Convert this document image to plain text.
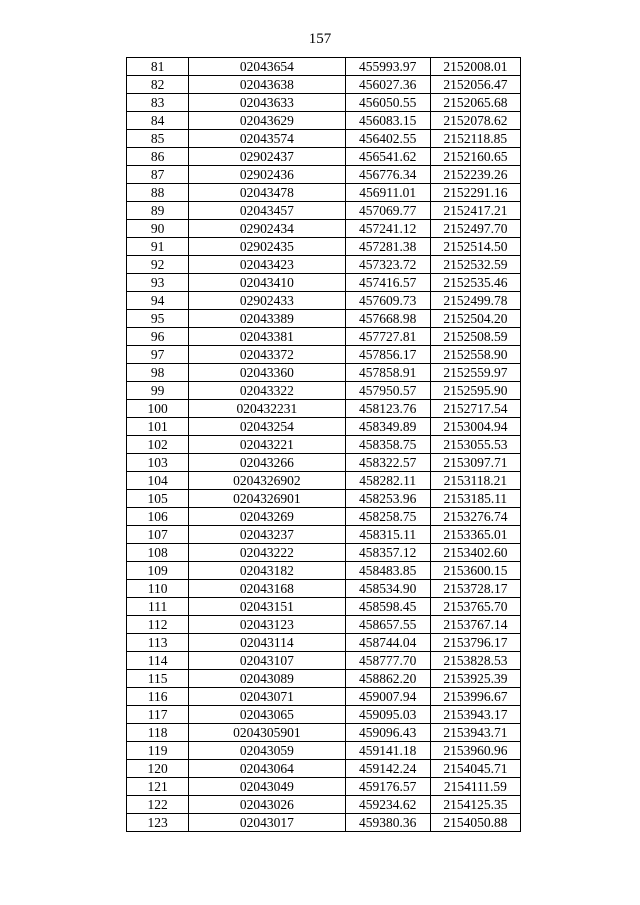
157
81	02043654	455993.97	2152008.01
82	02043638	456027.36	2152056.47
83	02043633	456050.55	2152065.68
84	02043629	456083.15	2152078.62
85	02043574	456402.55	2152118.85
86	02902437	456541.62	2152160.65
87	02902436	456776.34	2152239.26
88	02043478	456911.01	2152291.16
89	02043457	457069.77	2152417.21
90	02902434	457241.12	2152497.70
91	02902435	457281.38	2152514.50
92	02043423	457323.72	2152532.59
93	02043410	457416.57	2152535.46
94	02902433	457609.73	2152499.78
95	02043389	457668.98	2152504.20
96	02043381	457727.81	2152508.59
97	02043372	457856.17	2152558.90
98	02043360	457858.91	2152559.97
99	02043322	457950.57	2152595.90
100	020432231	458123.76	2152717.54
101	02043254	458349.89	2153004.94
102	02043221	458358.75	2153055.53
103	02043266	458322.57	2153097.71
104	0204326902	458282.11	2153118.21
105	0204326901	458253.96	2153185.11
106	02043269	458258.75	2153276.74
107	02043237	458315.11	2153365.01
108	02043222	458357.12	2153402.60
109	02043182	458483.85	2153600.15
110	02043168	458534.90	2153728.17
111	02043151	458598.45	2153765.70
112	02043123	458657.55	2153767.14
113	02043114	458744.04	2153796.17
114	02043107	458777.70	2153828.53
115	02043089	458862.20	2153925.39
116	02043071	459007.94	2153996.67
117	02043065	459095.03	2153943.17
118	0204305901	459096.43	2153943.71
119	02043059	459141.18	2153960.96
120	02043064	459142.24	2154045.71
121	02043049	459176.57	2154111.59
122	02043026	459234.62	2154125.35
123	02043017	459380.36	2154050.88
